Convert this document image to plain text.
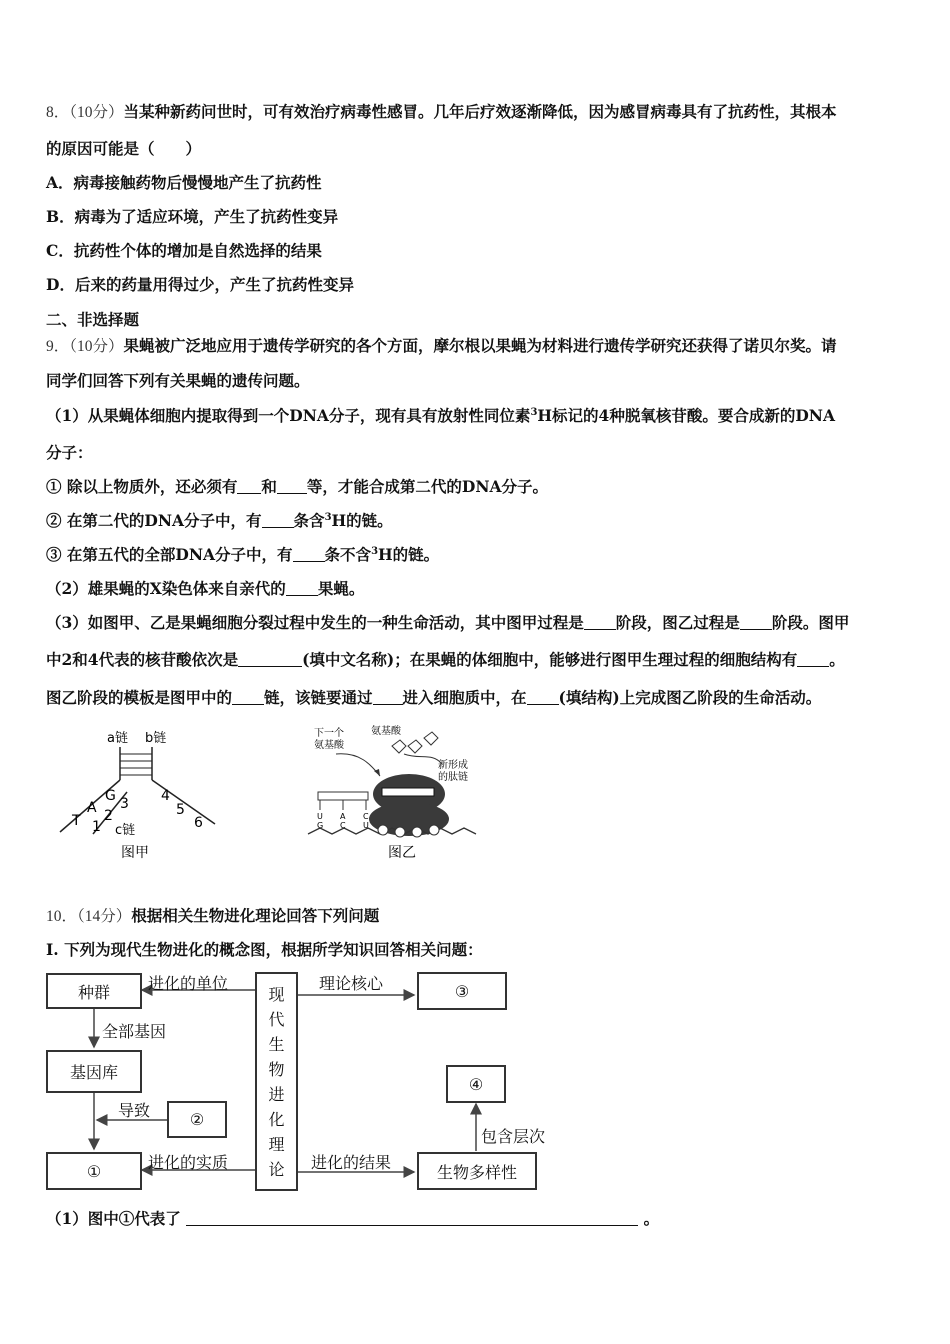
8．（10分）当某种新药问世时，可有效治疗病毒性感冒。几年后疗效逐渐降低，因为感冒病毒具有了抗药性，其根本
的原因可能是（　　）
A．病毒接触药物后慢慢地产生了抗药性
B．病毒为了适应环境，产生了抗药性变异
C．抗药性个体的增加是自然选择的结果
D．后来的药量用得过少，产生了抗药性变异
二、非选择题
9．（10分）果蝇被广泛地应用于遗传学研究的各个方面，摩尔根以果蝇为材料进行遗传学研究还获得了诺贝尔奖。请
同学们回答下列有关果蝇的遗传问题。
（1）从果蝇体细胞内提取得到一个DNA分子，现有具有放射性同位素$^3$H标记的4种脱氧核苷酸。要合成新的DNA
分子：
① 除以上物质外，还必须有 和 等，才能合成第二代的DNA分子。
② 在第二代的DNA分子中，有 条含$^3$H的链。
③ 在第五代的全部DNA分子中，有 条不含$^3$H的链。
（2）雄果蝇的X染色体来自亲代的 果蝇。
（3）如图甲、乙是果蝇细胞分裂过程中发生的一种生命活动，其中图甲过程是 阶段，图乙过程是 阶段。图甲
中2和4代表的核苷酸依次是	(填中文名称)；在果蝇的体细胞中，能够进行图甲生理过程的细胞结构有 。
图乙阶段的模板是图甲中的 链，该链要通过 进入细胞质中，在 (填结构)上完成图乙阶段的生命活动。
a链 b链
T
A
G
1
2
3 4
5
6
c链
图甲
下一个
氨基酸
氨基酸
新形成
的肽链
U A C
G C U
图乙
10．（14分）根据相关生物进化理论回答下列问题
I. 下列为现代生物进化的概念图，根据所学知识回答相关问题：
种群
基因库
①
②
③
④
生物多样性
现代生物进化理论
进化的单位
全部基因
导致
进化的实质
理论核心
进化的结果
包含层次
（1）图中①代表了	。
